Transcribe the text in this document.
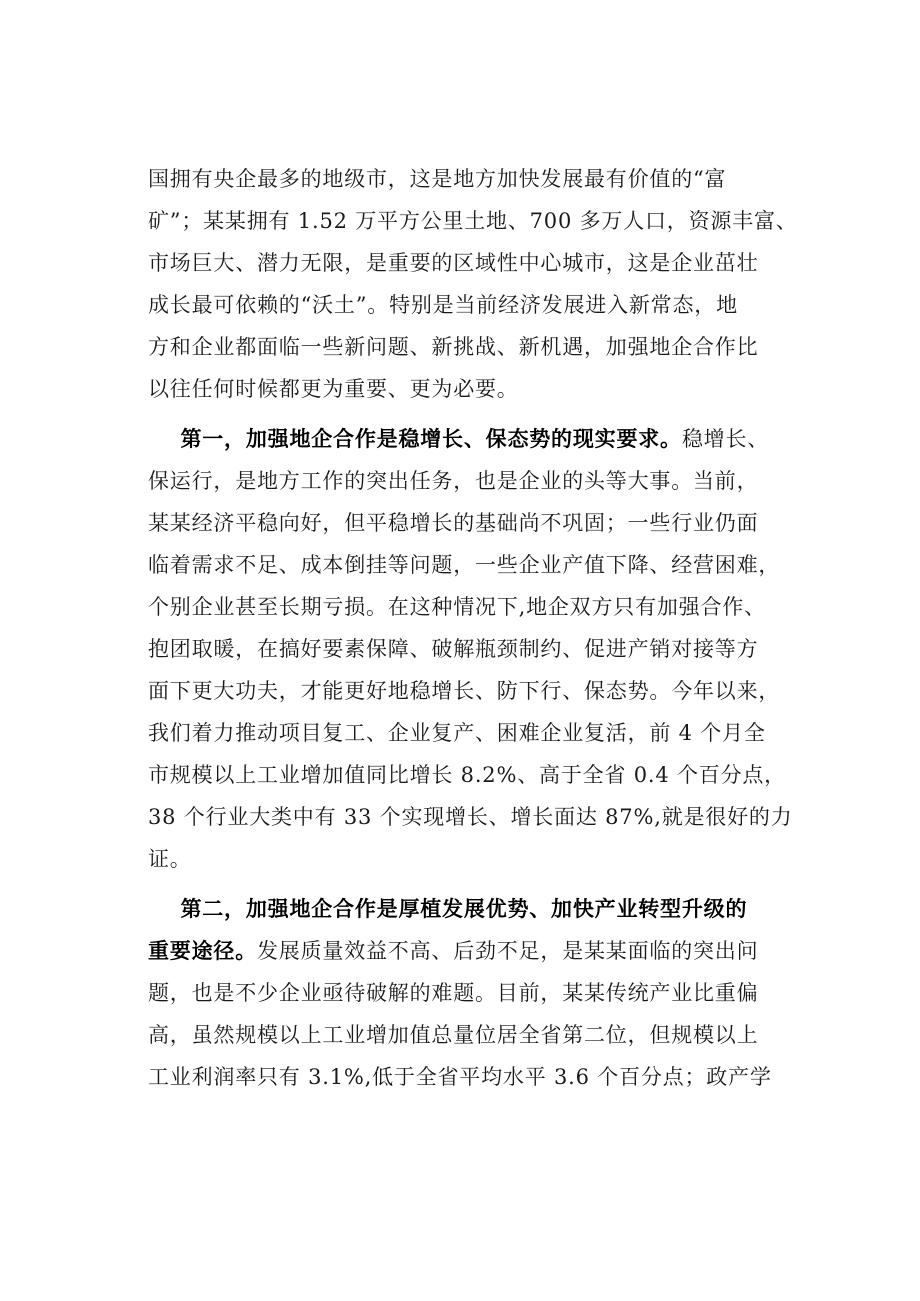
国拥有央企最多的地级市，这是地方加快发展最有价值的“富
矿”；某某拥有 1.52 万平方公里土地、700 多万人口，资源丰富、
市场巨大、潜力无限，是重要的区域性中心城市，这是企业茁壮
成长最可依赖的“沃土”。特别是当前经济发展进入新常态，地
方和企业都面临一些新问题、新挑战、新机遇，加强地企合作比
以往任何时候都更为重要、更为必要。
第一，加强地企合作是稳增长、保态势的现实要求。稳增长、
保运行，是地方工作的突出任务，也是企业的头等大事。当前，
某某经济平稳向好，但平稳增长的基础尚不巩固；一些行业仍面
临着需求不足、成本倒挂等问题，一些企业产值下降、经营困难，
个别企业甚至长期亏损。在这种情况下,地企双方只有加强合作、
抱团取暖，在搞好要素保障、破解瓶颈制约、促进产销对接等方
面下更大功夫，才能更好地稳增长、防下行、保态势。今年以来，
我们着力推动项目复工、企业复产、困难企业复活，前 4 个月全
市规模以上工业增加值同比增长 8.2%、高于全省 0.4 个百分点，
38 个行业大类中有 33 个实现增长、增长面达 87%,就是很好的力
证。
第二，加强地企合作是厚植发展优势、加快产业转型升级的
重要途径。发展质量效益不高、后劲不足，是某某面临的突出问
题，也是不少企业亟待破解的难题。目前，某某传统产业比重偏
高，虽然规模以上工业增加值总量位居全省第二位，但规模以上
工业利润率只有 3.1%,低于全省平均水平 3.6 个百分点；政产学
